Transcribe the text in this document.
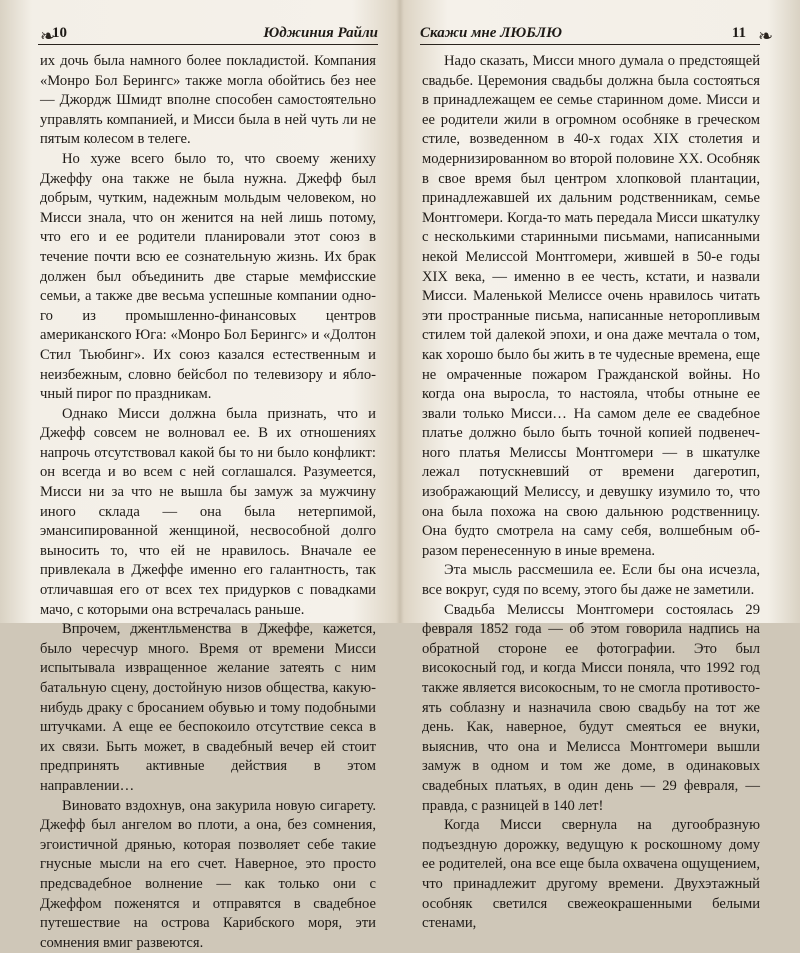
❧
10	Юджиния Райли

их дочь была намного более покладистой. Компания «Монро Бол Берингс» также могла обойтись без нее — Джордж Шмидт вполне способен самостоятельно управлять компанией, и Мисси была в ней чуть ли не пятым колесом в телеге.

Но хуже всего было то, что своему жениху Джеффу она также не была нужна. Джефф был добрым, чутким, надежным мольдым человеком, но Мисси знала, что он женится на ней лишь потому, что его и ее родители планировали этот союз в течение почти всю ее сознательную жизнь. Их брак должен был объединить две старые мемфисские семьи, а также две весьма успешные компании одного из промышленно-финансовых центров американского Юга: «Монро Бол Берингс» и «Долтон Стил Тьюбинг». Их союз казался естественным и неизбежным, словно бейсбол по телевизору и яблочный пирог по праздникам.

Однако Мисси должна была признать, что и Джефф совсем не волновал ее. В их отношениях напрочь отсутствовал какой бы то ни было конфликт: он всегда и во всем с ней соглашался. Разумеется, Мисси ни за что не вышла бы замуж за мужчину иного склада — она была нетерпимой, эмансипированной женщиной, несвособной долго выносить то, что ей не нравилось. Вначале ее привлекала в Джеффе именно его галантность, так отличавшая его от всех тех придурков с повадками мачо, с которыми она встречалась раньше.

Впрочем, джентльменства в Джеффе, кажется, было чересчур много. Время от времени Мисси испытывала извращенное желание затеять с ним батальную сцену, достойную низов общества, какую-нибудь драку с бросанием обувью и тому подобными штучками. А еще ее беспокоило отсутствие секса в их связи. Быть может, в свадебный вечер ей стоит предпринять активные действия в этом направлении…

Виновато вздохнув, она закурила новую сигарету. Джефф был ангелом во плоти, а она, без сомнения, эгоистичной дрянью, которая позволяет себе такие гнусные мысли на его счет. Наверное, это просто предсвадебное волнение — как только они с Джеффом поженятся и отправятся в свадебное путешествие на острова Карибского моря, эти сомнения вмиг развеются.

❧
Скажи мне ЛЮБЛЮ	11

Надо сказать, Мисси много думала о предстоящей свадьбе. Церемония свадьбы должна была состояться в принадлежащем ее семье старинном доме. Мисси и ее родители жили в огромном особняке в греческом стиле, возведенном в 40-х годах XIX столетия и модернизированном во второй половине XX. Особняк в свое время был центром хлопковой плантации, принадлежавшей их дальним родственникам, семье Монтгомери. Когда-то мать передала Мисси шкатулку с несколькими старинными письмами, написанными некой Мелиссой Монтгомери, жившей в 50-е годы XIX века, — именно в ее честь, кстати, и назвали Мисси. Маленькой Мелиссе очень нравилось читать эти пространные письма, написанные неторопливым стилем той далекой эпохи, и она даже мечтала о том, как хорошо было бы жить в те чудесные времена, еще не омраченные пожаром Гражданской войны. Но когда она выросла, то настояла, чтобы отныне ее звали только Мисси… На самом деле ее свадебное платье должно было быть точной копией подвенечного платья Мелиссы Монтгомери — в шкатулке лежал потускневший от времени дагеротип, изображающий Мелиссу, и девушку изумило то, что она была похожа на свою дальнюю родственницу. Она будто смотрела на саму себя, волшебным образом перенесенную в иные времена.

Эта мысль рассмешила ее. Если бы она исчезла, все вокруг, судя по всему, этого бы даже не заметили.

Свадьба Мелиссы Монтгомери состоялась 29 февраля 1852 года — об этом говорила надпись на обратной стороне ее фотографии. Это был високосный год, и когда Мисси поняла, что 1992 год также является високосным, то не смогла противостоять соблазну и назначила свою свадьбу на тот же день. Как, наверное, будут смеяться ее внуки, выяснив, что она и Мелисса Монтгомери вышли замуж в одном и том же доме, в одинаковых свадебных платьях, в один день — 29 февраля, — правда, с разницей в 140 лет!

Когда Мисси свернула на дугообразную подъездную дорожку, ведущую к роскошному дому ее родителей, она все еще была охвачена ощущением, что принадлежит другому времени. Двухэтажный особняк светился свежеокрашенными белыми стенами,
